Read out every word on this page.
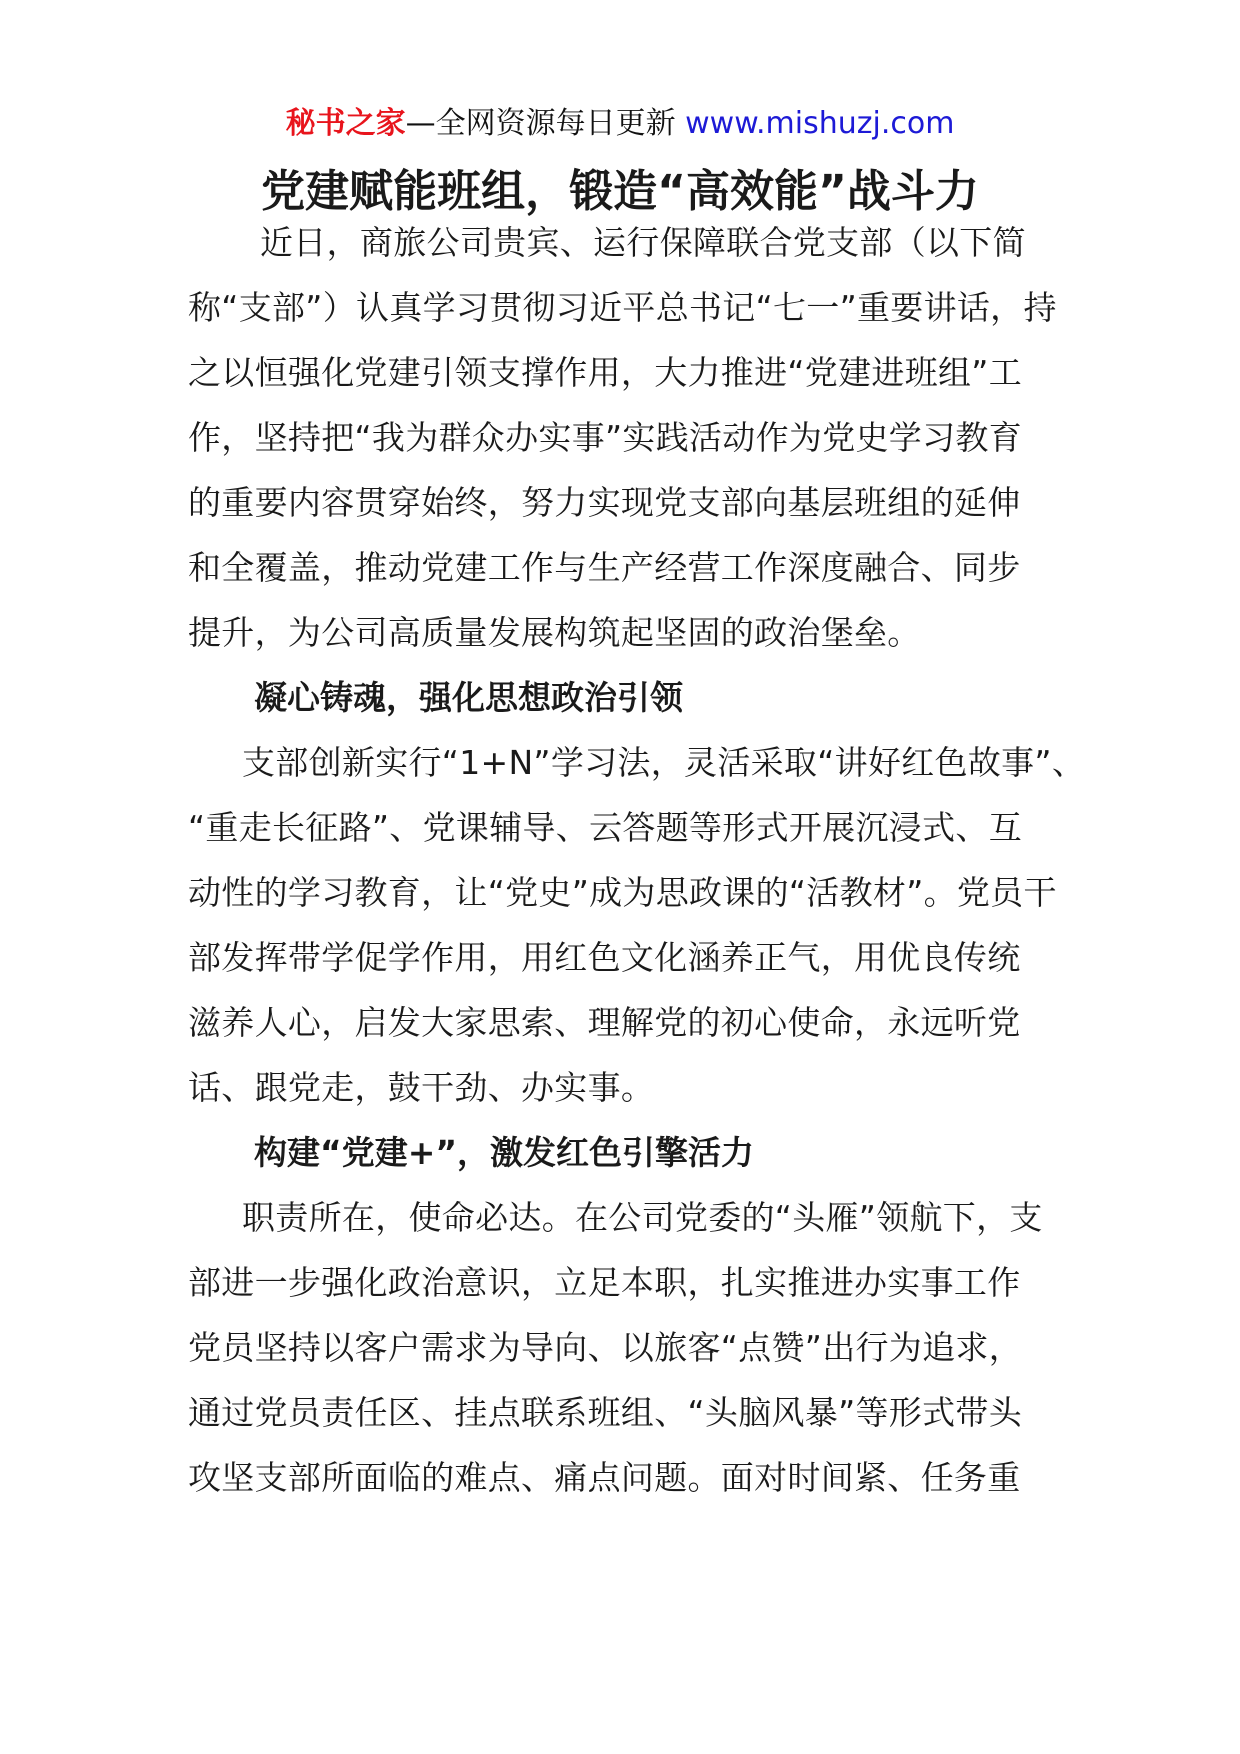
秘书之家—全网资源每日更新 www.mishuzj.com
党建赋能班组，锻造“高效能”战斗力
近日，商旅公司贵宾、运行保障联合党支部（以下简
称“支部”）认真学习贯彻习近平总书记“七一”重要讲话，持
之以恒强化党建引领支撑作用，大力推进“党建进班组”工
作，坚持把“我为群众办实事”实践活动作为党史学习教育
的重要内容贯穿始终，努力实现党支部向基层班组的延伸
和全覆盖，推动党建工作与生产经营工作深度融合、同步
提升，为公司高质量发展构筑起坚固的政治堡垒。
凝心铸魂，强化思想政治引领
支部创新实行“1+N”学习法，灵活采取“讲好红色故事”、
“重走长征路”、党课辅导、云答题等形式开展沉浸式、互
动性的学习教育，让“党史”成为思政课的“活教材”。党员干
部发挥带学促学作用，用红色文化涵养正气，用优良传统
滋养人心，启发大家思索、理解党的初心使命，永远听党
话、跟党走，鼓干劲、办实事。
构建“党建+”，激发红色引擎活力
职责所在，使命必达。在公司党委的“头雁”领航下，支
部进一步强化政治意识，立足本职，扎实推进办实事工作
党员坚持以客户需求为导向、以旅客“点赞”出行为追求，
通过党员责任区、挂点联系班组、“头脑风暴”等形式带头
攻坚支部所面临的难点、痛点问题。面对时间紧、任务重
